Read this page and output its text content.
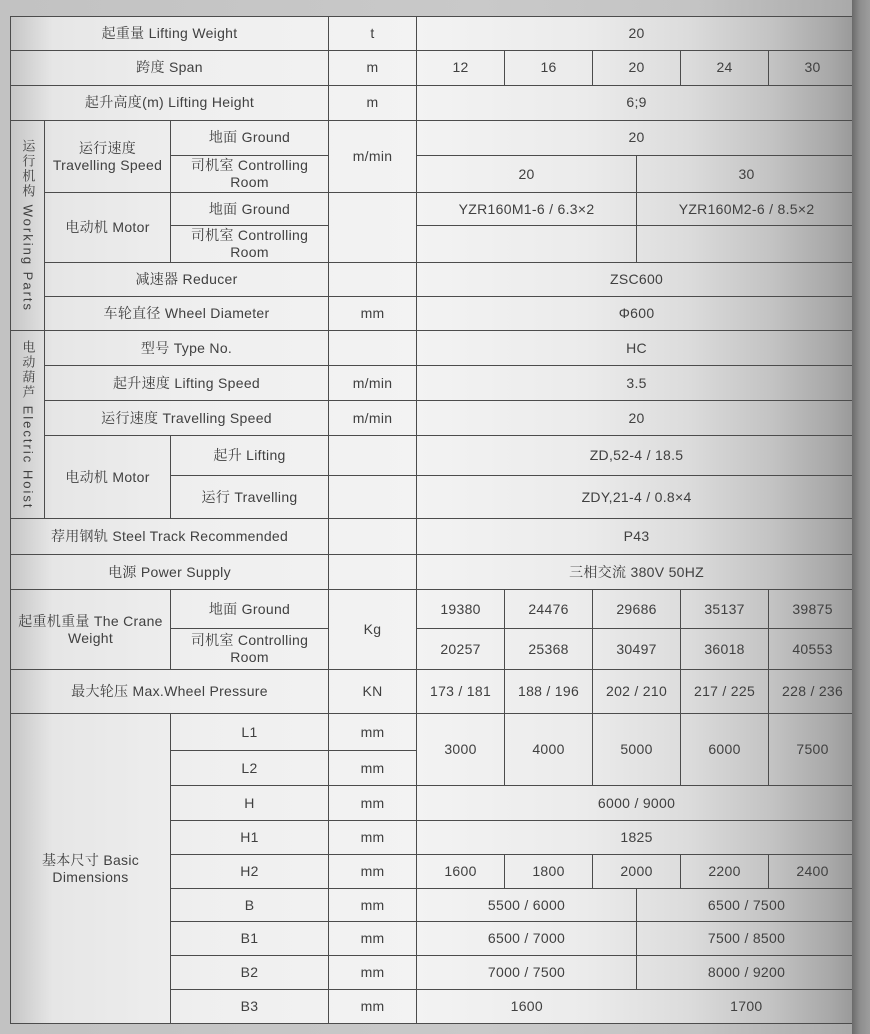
起重量 Lifting Weight			t	20					
跨度 Span			m	12	16	20		24	30
起升高度(m) Lifting Height			m	6;9					

运行机构 Working Parts	运行速度 Travelling Speed	地面 Ground	m/min	20					
		司机室 Controlling Room		20			30		
	电动机 Motor	地面 Ground		YZR160M1-6 / 6.3×2			YZR160M2-6 / 8.5×2		
		司机室 Controlling Room							
	减速器 Reducer			ZSC600					
	车轮直径 Wheel Diameter		mm	Φ600					

电动葫芦 Electric Hoist	型号 Type No.			HC					
	起升速度 Lifting Speed		m/min	3.5					
	运行速度 Travelling Speed		m/min	20					
	电动机 Motor	起升 Lifting		ZD,52-4 / 18.5					
		运行 Travelling		ZDY,21-4 / 0.8×4					
荐用钢轨 Steel Track Recommended				P43					
电源 Power Supply				三相交流 380V 50HZ					
起重机重量 The Crane Weight		地面 Ground	Kg	19380	24476	29686		35137	39875
		司机室 Controlling Room		20257	25368	30497		36018	40553
最大轮压 Max.Wheel Pressure			KN	173 / 181	188 / 196	202 / 210		217 / 225	228 / 236
基本尺寸 Basic Dimensions		L1	mm	3000	4000	5000		6000	7500
		L2	mm						
		H	mm	6000 / 9000					
		H1	mm	1825					
		H2	mm	1600	1800	2000		2200	2400
		B	mm	5500 / 6000			6500 / 7500		
		B1	mm	6500 / 7000			7500 / 8500		
		B2	mm	7000 / 7500			8000 / 9200		
		B3	mm	1600 1700					
